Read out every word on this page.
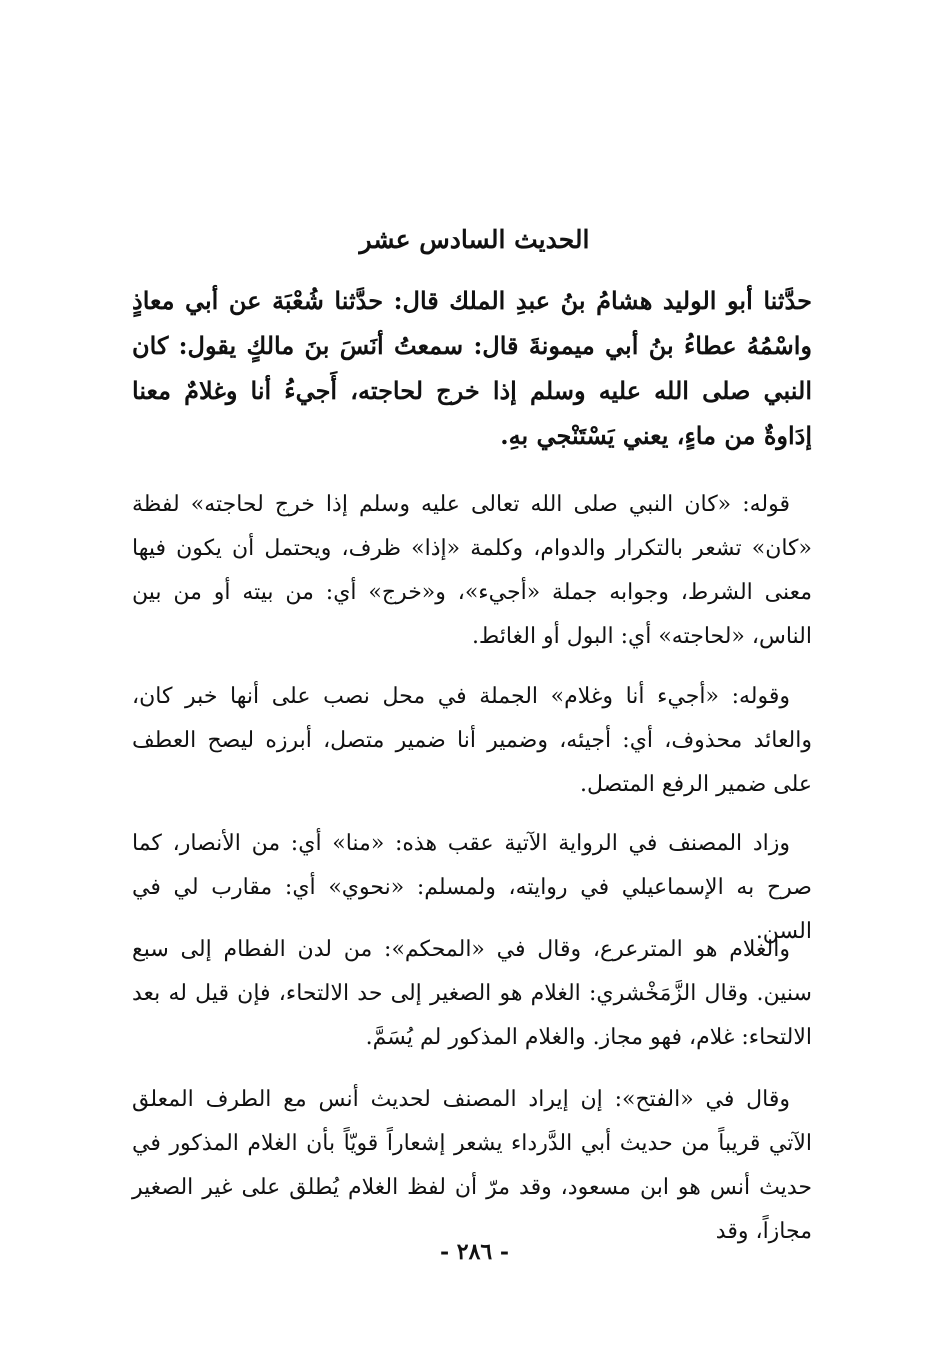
الحديث السادس عشر

حدَّثنا أبو الوليد هشامُ بنُ عبدِ الملك قال: حدَّثنا شُعْبَة عن أبي معاذٍ واسْمُهُ عطاءُ بنُ أبي ميمونةَ قال: سمعتُ أنَسَ بنَ مالكٍ يقول: كان النبي صلى الله عليه وسلم إذا خرج لحاجته، أَجيءُ أنا وغلامٌ معنا إدَاوةٌ من ماءٍ، يعني يَسْتَنْجي بهِ.

قوله: «كان النبي صلى الله تعالى عليه وسلم إذا خرج لحاجته» لفظة «كان» تشعر بالتكرار والدوام، وكلمة «إذا» ظرف، ويحتمل أن يكون فيها معنى الشرط، وجوابه جملة «أجيء»، و«خرج» أي: من بيته أو من بين الناس، «لحاجته» أي: البول أو الغائط.

وقوله: «أجيء أنا وغلام» الجملة في محل نصب على أنها خبر كان، والعائد محذوف، أي: أجيئه، وضمير أنا ضمير متصل، أبرزه ليصح العطف على ضمير الرفع المتصل.

وزاد المصنف في الرواية الآتية عقب هذه: «منا» أي: من الأنصار، كما صرح به الإسماعيلي في روايته، ولمسلم: «نحوي» أي: مقارب لي في السن.

والغلام هو المترعرع، وقال في «المحكم»: من لدن الفطام إلى سبع سنين. وقال الزَّمَخْشري: الغلام هو الصغير إلى حد الالتحاء، فإن قيل له بعد الالتحاء: غلام، فهو مجاز. والغلام المذكور لم يُسَمَّ.

وقال في «الفتح»: إن إيراد المصنف لحديث أنس مع الطرف المعلق الآتي قريباً من حديث أبي الدَّرداء يشعر إشعاراً قويّاً بأن الغلام المذكور في حديث أنس هو ابن مسعود، وقد مرّ أن لفظ الغلام يُطلق على غير الصغير مجازاً، وقد

- ٢٨٦ -
